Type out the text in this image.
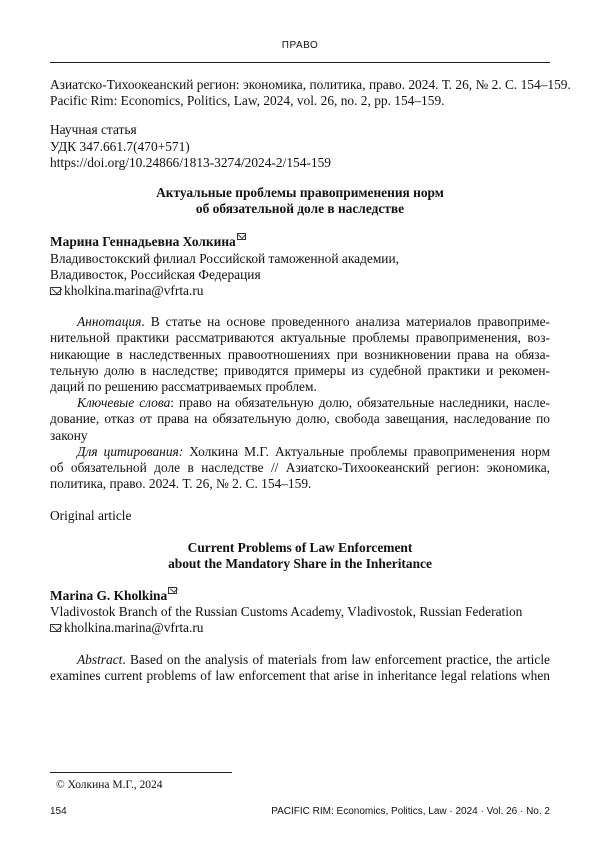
ПРАВО
Азиатско-Тихоокеанский регион: экономика, политика, право. 2024. Т. 26, № 2. С. 154–159.
Pacific Rim: Economics, Politics, Law, 2024, vol. 26, no. 2, pp. 154–159.
Научная статья
УДК 347.661.7(470+571)
https://doi.org/10.24866/1813-3274/2024-2/154-159
Актуальные проблемы правоприменения норм
об обязательной доле в наследстве
Марина Геннадьевна Холкина
Владивостокский филиал Российской таможенной академии,
Владивосток, Российская Федерация
kholkina.marina@vfrta.ru
Аннотация. В статье на основе проведенного анализа материалов правоприме-
нительной практики рассматриваются актуальные проблемы правоприменения, воз-
никающие в наследственных правоотношениях при возникновении права на обяза-
тельную долю в наследстве; приводятся примеры из судебной практики и рекомен-
даций по решению рассматриваемых проблем.
Ключевые слова: право на обязательную долю, обязательные наследники, насле-
дование, отказ от права на обязательную долю, свобода завещания, наследование по
закону
Для цитирования: Холкина М.Г. Актуальные проблемы правоприменения норм
об обязательной доле в наследстве // Азиатско-Тихоокеанский регион: экономика,
политика, право. 2024. Т. 26, № 2. С. 154–159.
Original article
Current Problems of Law Enforcement
about the Mandatory Share in the Inheritance
Marina G. Kholkina
Vladivostok Branch of the Russian Customs Academy, Vladivostok, Russian Federation
kholkina.marina@vfrta.ru
Abstract. Based on the analysis of materials from law enforcement practice, the article
examines current problems of law enforcement that arise in inheritance legal relations when
© Холкина М.Г., 2024
154	PACIFIC RIM: Economics, Politics, Law · 2024 · Vol. 26 · No. 2
